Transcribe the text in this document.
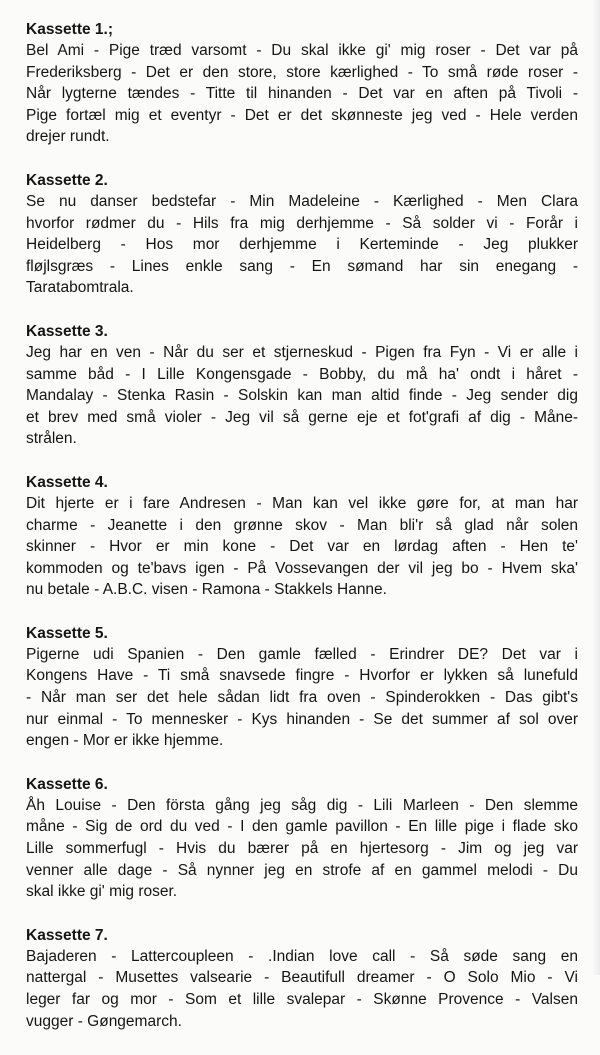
Kassette 1.;
Bel Ami - Pige træd varsomt - Du skal ikke gi' mig roser - Det var på
Frederiksberg - Det er den store, store kærlighed - To små røde roser -
Når lygterne tændes - Titte til hinanden - Det var en aften på Tivoli -
Pige fortæl mig et eventyr - Det er det skønneste jeg ved - Hele verden
drejer rundt.
Kassette 2.
Se nu danser bedstefar - Min Madeleine - Kærlighed - Men Clara
hvorfor rødmer du - Hils fra mig derhjemme - Så solder vi - Forår i
Heidelberg - Hos mor derhjemme i Kerteminde - Jeg plukker
fløjlsgræs - Lines enkle sang - En sømand har sin enegang -
Taratabomtrala.
Kassette 3.
Jeg har en ven - Når du ser et stjerneskud - Pigen fra Fyn - Vi er alle i
samme båd - I Lille Kongensgade - Bobby, du må ha' ondt i håret -
Mandalay - Stenka Rasin - Solskin kan man altid finde - Jeg sender dig
et brev med små violer - Jeg vil så gerne eje et fot'grafi af dig - Måne-
strålen.
Kassette 4.
Dit hjerte er i fare Andresen - Man kan vel ikke gøre for, at man har
charme - Jeanette i den grønne skov - Man bli'r så glad når solen
skinner - Hvor er min kone - Det var en lørdag aften - Hen te'
kommoden og te'bavs igen - På Vossevangen der vil jeg bo - Hvem ska'
nu betale - A.B.C. visen - Ramona - Stakkels Hanne.
Kassette 5.
Pigerne udi Spanien - Den gamle fælled - Erindrer DE? Det var i
Kongens Have - Ti små snavsede fingre - Hvorfor er lykken så lunefuld
- Når man ser det hele sådan lidt fra oven - Spinderokken - Das gibt's
nur einmal - To mennesker - Kys hinanden - Se det summer af sol over
engen - Mor er ikke hjemme.
Kassette 6.
Åh Louise - Den första gång jeg såg dig - Lili Marleen - Den slemme
måne - Sig de ord du ved - I den gamle pavillon - En lille pige i flade sko
Lille sommerfugl - Hvis du bærer på en hjertesorg - Jim og jeg var
venner alle dage - Så nynner jeg en strofe af en gammel melodi - Du
skal ikke gi' mig roser.
Kassette 7.
Bajaderen - Lattercoupleen - .Indian love call - Så søde sang en
nattergal - Musettes valsearie - Beautifull dreamer - O Solo Mio - Vi
leger far og mor - Som et lille svalepar - Skønne Provence - Valsen
vugger - Gøngemarch.
